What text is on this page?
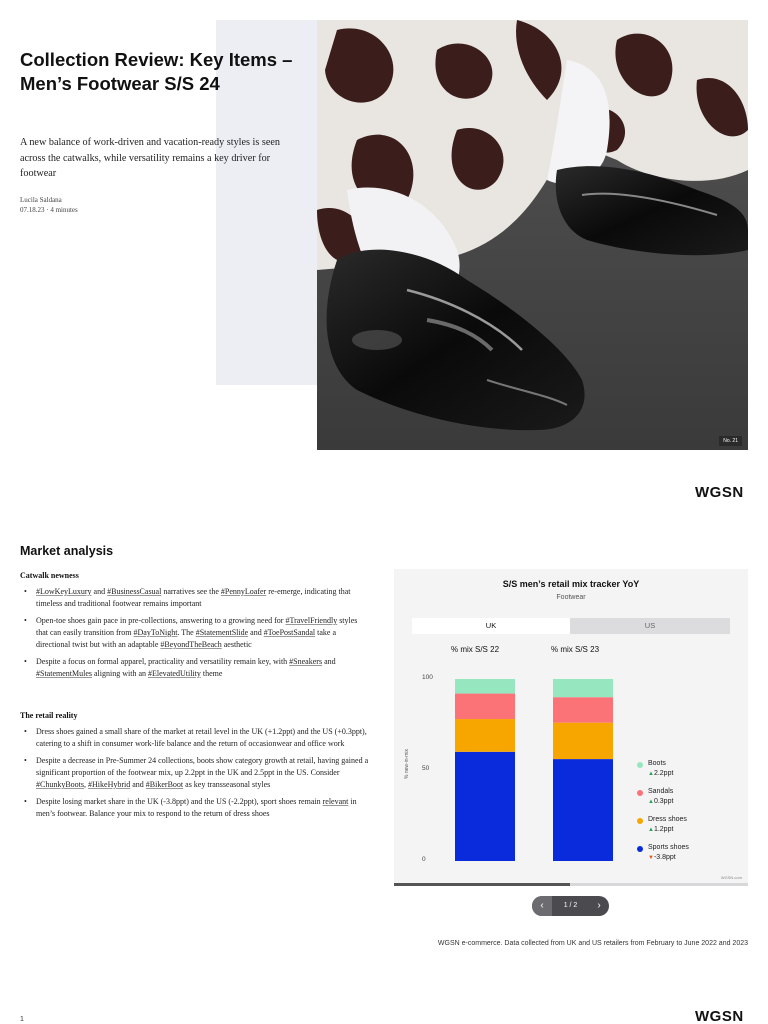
No. 21
Collection Review: Key Items – Men’s Footwear S/S 24

A new balance of work-driven and vacation-ready styles is seen across the catwalks, while versatility remains a key driver for footwear

Lucila Saldana
07.18.23 · 4 minutes
WGSN
Market analysis
Catwalk newness
• #LowKeyLuxury and #BusinessCasual narratives see the #PennyLoafer re-emerge, indicating that timeless and traditional footwear remains important
• Open-toe shoes gain pace in pre-collections, answering to a growing need for #TravelFriendly styles that can easily transition from #DayToNight. The #StatementSlide and #ToePostSandal take a directional twist but with an adaptable #BeyondTheBeach aesthetic
• Despite a focus on formal apparel, practicality and versatility remain key, with #Sneakers and #StatementMules aligning with an #ElevatedUtility theme
The retail reality
• Dress shoes gained a small share of the market at retail level in the UK (+1.2ppt) and the US (+0.3ppt), catering to a shift in consumer work-life balance and the return of occasionwear and office work
• Despite a decrease in Pre-Summer 24 collections, boots show category growth at retail, having gained a significant proportion of the footwear mix, up 2.2ppt in the UK and 2.5ppt in the US. Consider #ChunkyBoots, #HikeHybrid and #BikerBoot as key transseasonal styles
• Despite losing market share in the UK (-3.8ppt) and the US (-2.2ppt), sport shoes remain relevant in men’s footwear. Balance your mix to respond to the return of dress shoes
S/S men’s retail mix tracker YoY
Footwear
UK	US
% mix S/S 22	% mix S/S 23
% new-in-mix
0
50
100
Boots
▲2.2ppt
Sandals
▲0.3ppt
Dress shoes
▲1.2ppt
Sports shoes
▼-3.8ppt
WGSN.com
‹	1 / 2	›
WGSN e-commerce. Data collected from UK and US retailers from February to June 2022 and 2023
WGSN
1
